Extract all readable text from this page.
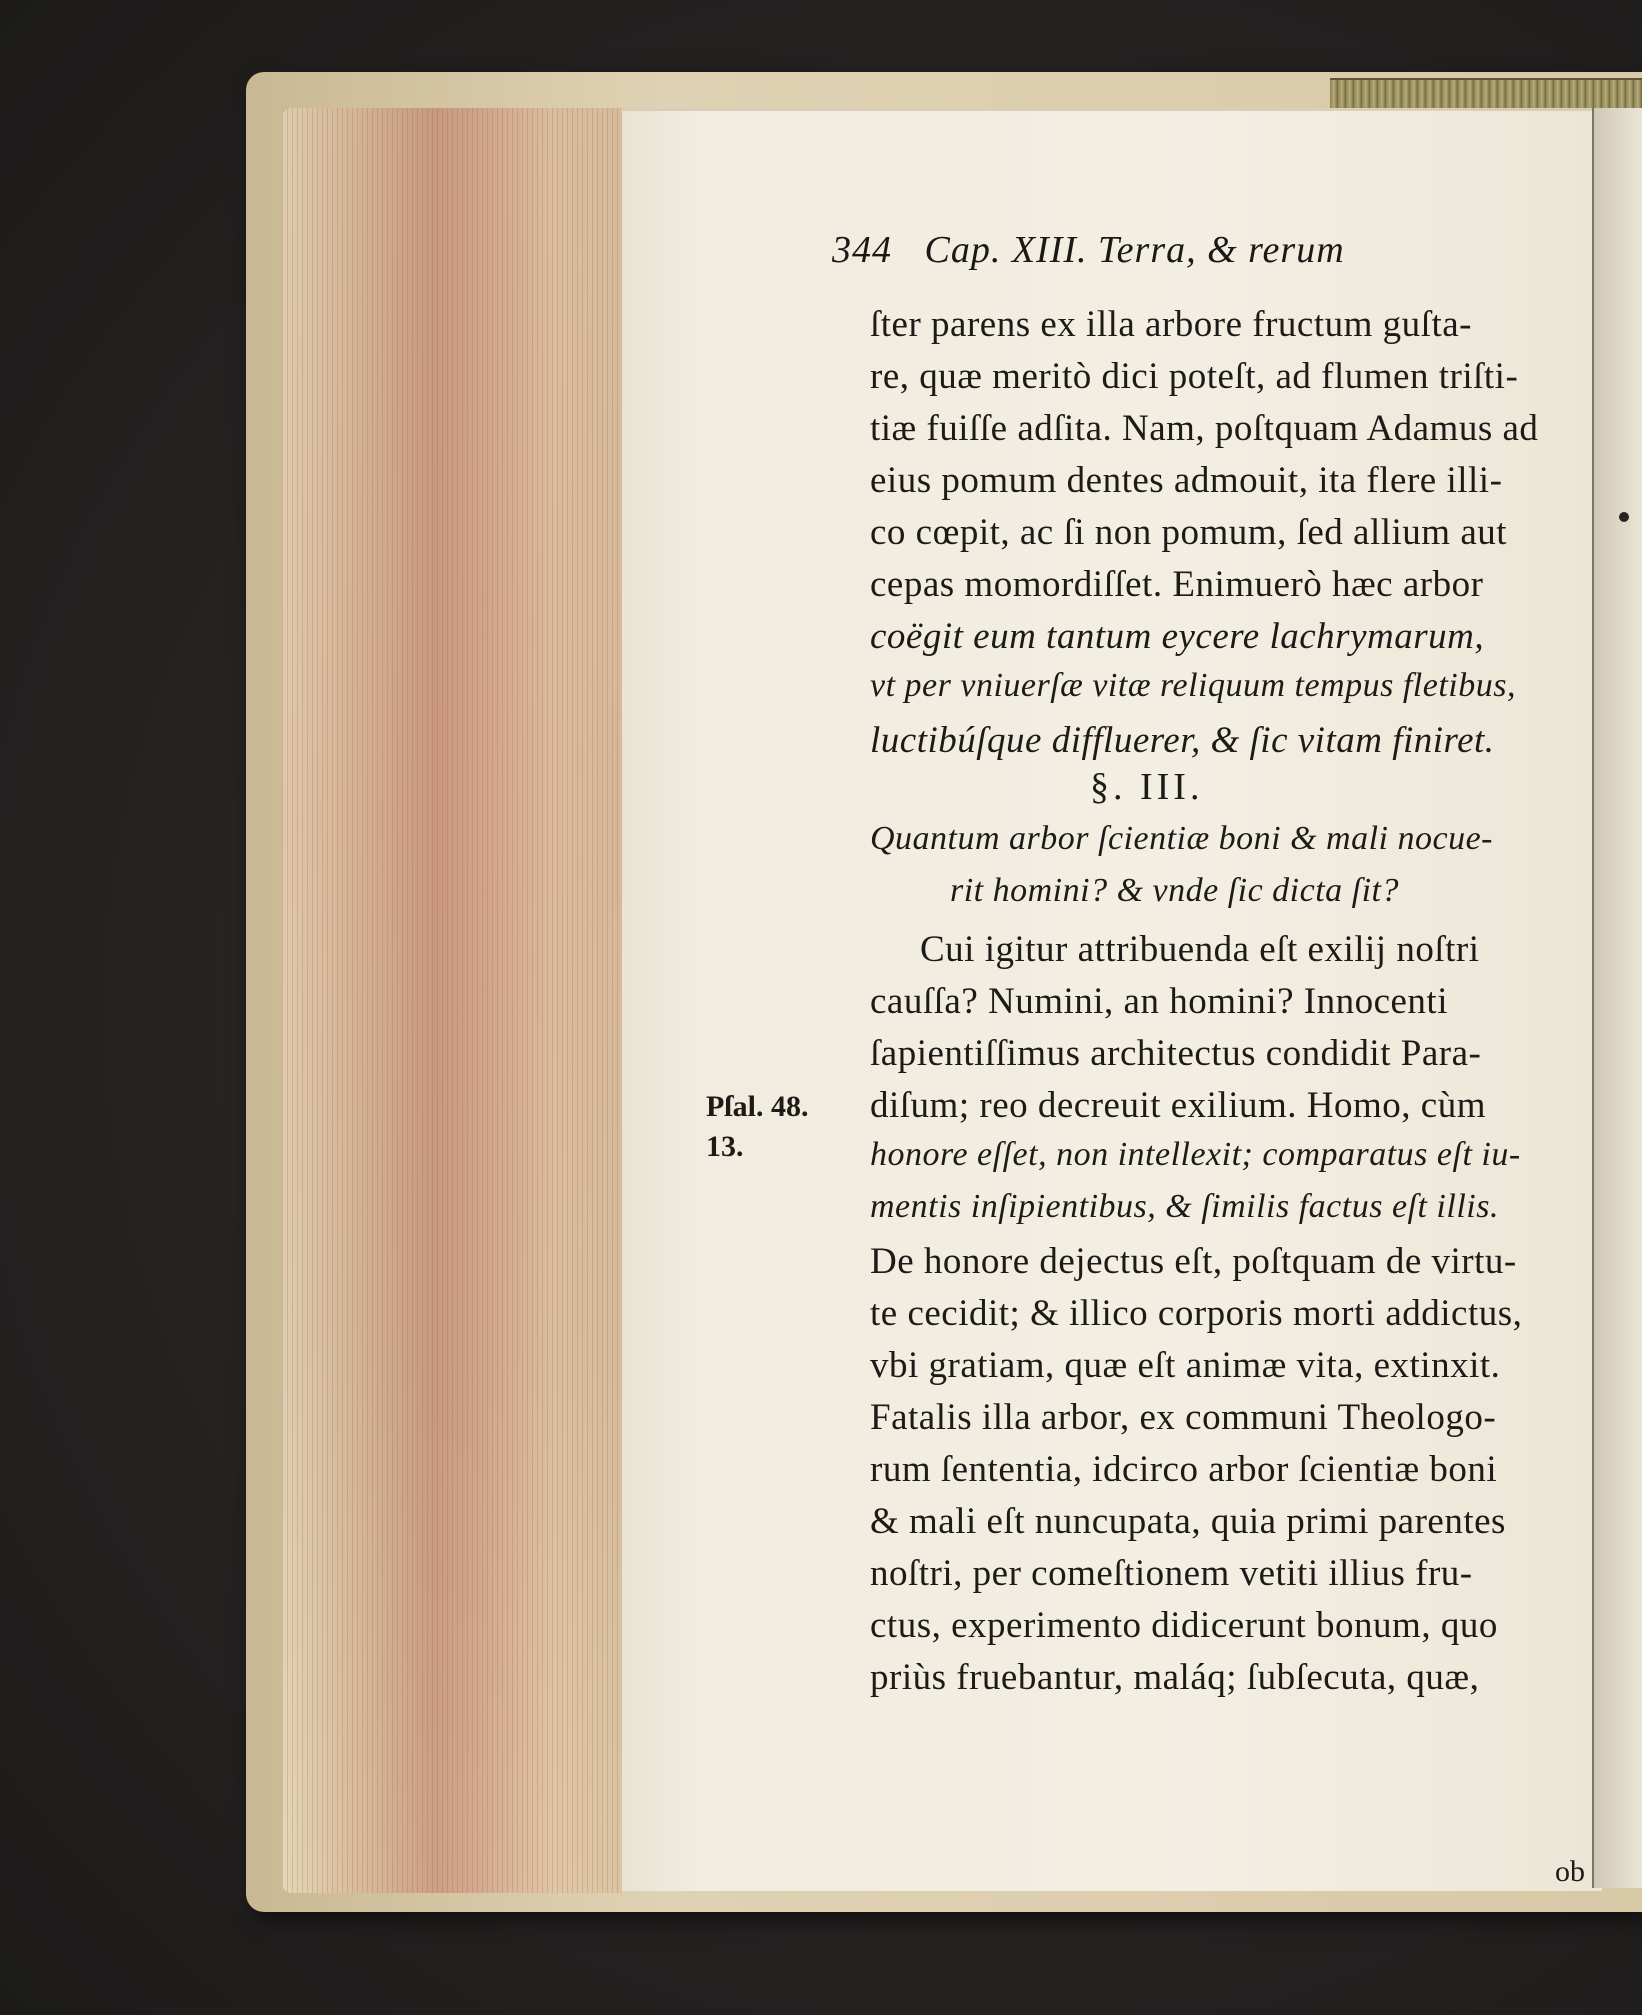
344 Cap. XIII. Terra, & rerum
ſter parens ex illa arbore fructum guſta-
re, quæ meritò dici poteſt, ad flumen triſti-
tiæ fuiſſe adſita. Nam, poſtquam Adamus ad
eius pomum dentes admouit, ita flere illi-
co cœpit, ac ſi non pomum, ſed allium aut
cepas momordiſſet. Enimuerò hæc arbor
coëgit eum tantum eycere lachrymarum,
vt per vniuerſæ vitæ reliquum tempus fletibus,
luctibúſque diffluerer, & ſic vitam finiret.
§. III.
Quantum arbor ſcientiæ boni & mali nocue-
rit homini? & vnde ſic dicta ſit?
Cui igitur attribuenda eſt exilij noſtri
cauſſa? Numini, an homini? Innocenti
ſapientiſſimus architectus condidit Para-
diſum; reo decreuit exilium. Homo, cùm
honore eſſet, non intellexit; comparatus eſt iu-
mentis inſipientibus, & ſimilis factus eſt illis.
De honore dejectus eſt, poſtquam de virtu-
te cecidit; & illico corporis morti addictus,
vbi gratiam, quæ eſt animæ vita, extinxit.
Fatalis illa arbor, ex communi Theologo-
rum ſententia, idcirco arbor ſcientiæ boni
& mali eſt nuncupata, quia primi parentes
noſtri, per comeſtionem vetiti illius fru-
ctus, experimento didicerunt bonum, quo
priùs fruebantur, maláq; ſubſecuta, quæ,
Pſal. 48.
13.
ob
